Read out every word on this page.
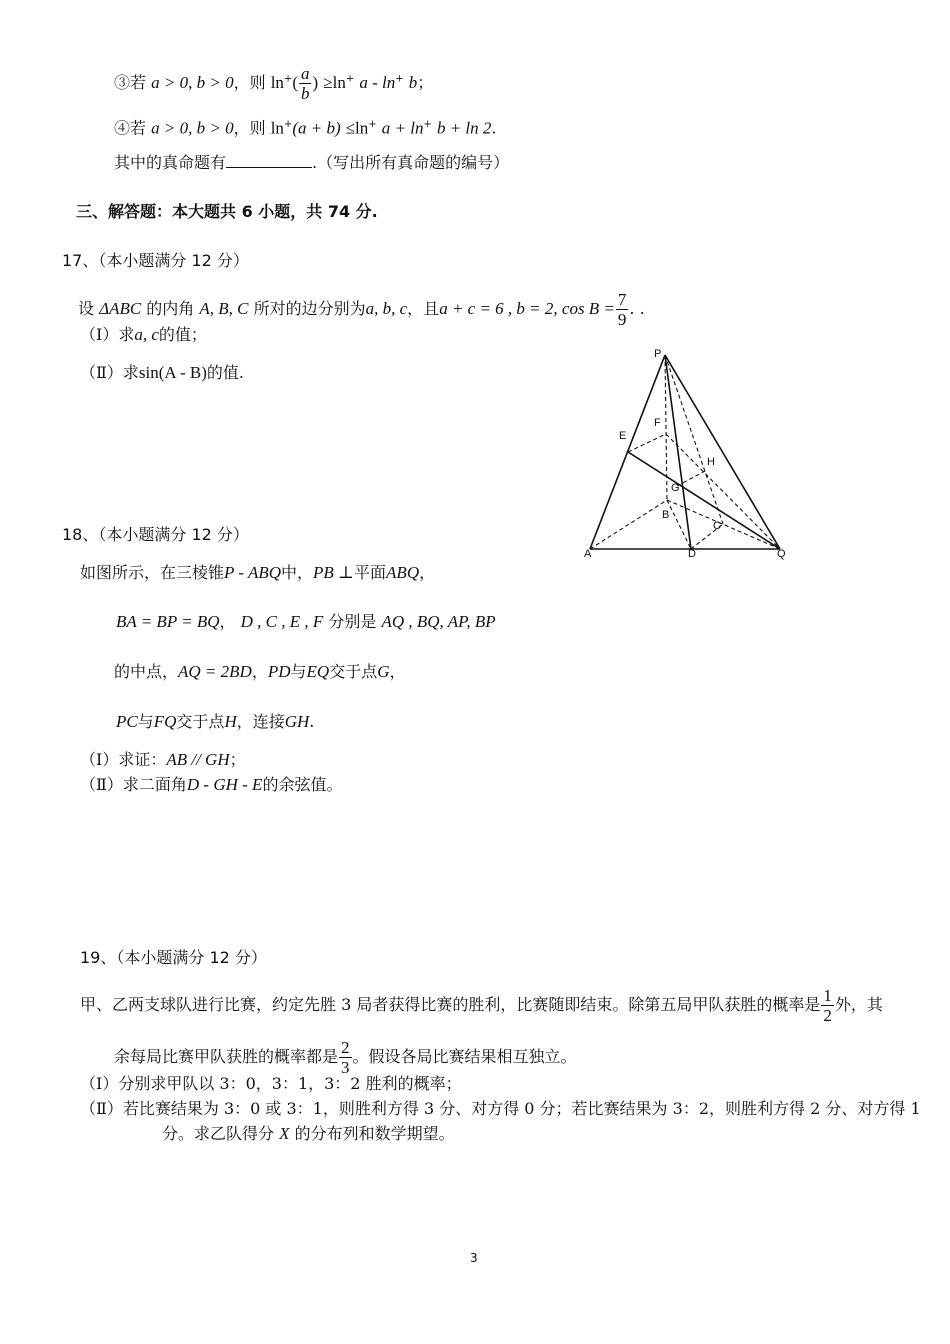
③若 a > 0, b > 0，则 $\ln^+( \frac{a}{b}$ ) ≥ln+ a - ln+ b；
④若 a > 0, b > 0，则 ln+(a + b) ≤ln+ a + ln+ b + ln 2.
其中的真命题有	.（写出所有真命题的编号）
三、解答题：本大题共 6 小题，共 74 分.
17、（本小题满分 12 分）
设 ΔABC 的内角 A, B, C 所对的边分别为a, b, c，且a + c = 6 , b = 2, $\cos B = \frac{7}{9}$ . .
（Ⅰ）求a, c的值；
（Ⅱ）求sin(A - B)的值.
P
F
E
H
G
B
C
A	D	Q
18、（本小题满分 12 分）
如图所示，在三棱锥P - ABQ中，PB ⊥平面ABQ，
BA = BP = BQ， D , C , E , F 分别是 AQ , BQ, AP, BP
的中点，AQ = 2BD，PD与EQ交于点G，
PC与FQ交于点H，连接GH.
（Ⅰ）求证：AB // GH；
（Ⅱ）求二面角D - GH - E的余弦值。
19、（本小题满分 12 分）
甲、乙两支球队进行比赛，约定先胜 3 局者获得比赛的胜利，比赛随即结束。除第五局甲队获胜的概率是 $\frac{1}{2}$ 外，其
余每局比赛甲队获胜的概率都是 $\frac{2}{3}$ 。假设各局比赛结果相互独立。
（Ⅰ）分别求甲队以 3：0，3：1，3：2 胜利的概率；
（Ⅱ）若比赛结果为 3：0 或 3：1，则胜利方得 3 分、对方得 0 分；若比赛结果为 3：2，则胜利方得 2 分、对方得 1
分。求乙队得分 X 的分布列和数学期望。
3
